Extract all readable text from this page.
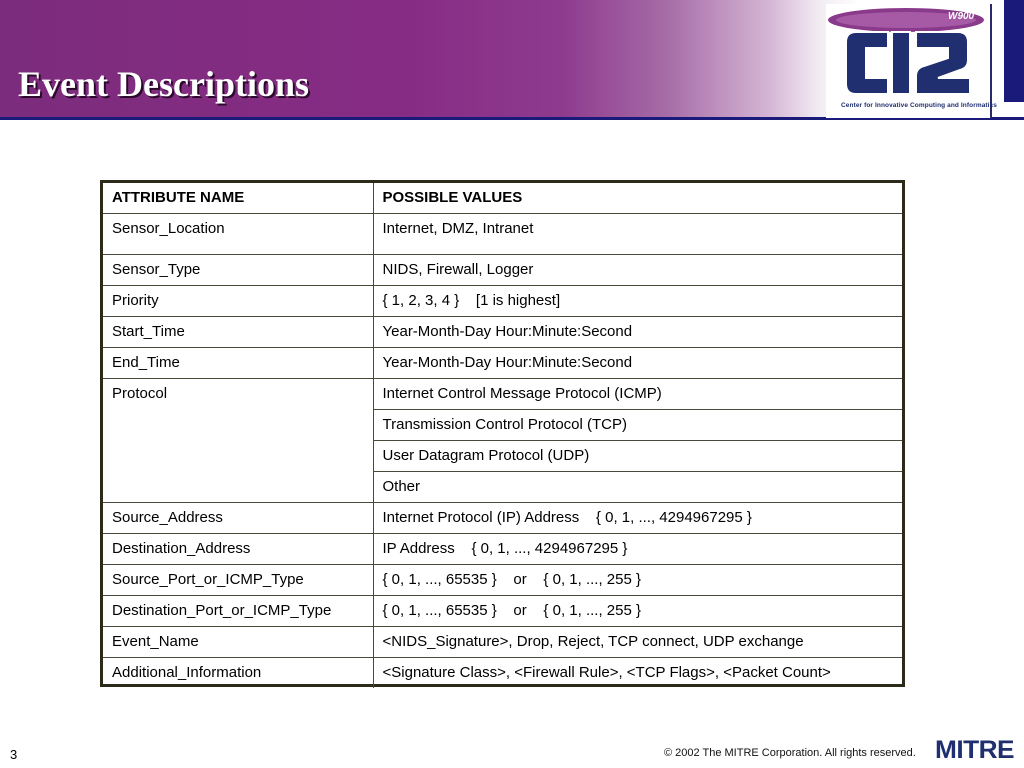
Event Descriptions
W900
Center for Innovative Computing and Informatics
ATTRIBUTE NAME	POSSIBLE VALUES
Sensor_Location	Internet, DMZ, Intranet
Sensor_Type	NIDS, Firewall, Logger
Priority	{ 1, 2, 3, 4 }    [1 is highest]
Start_Time	Year-Month-Day Hour:Minute:Second
End_Time	Year-Month-Day Hour:Minute:Second
Protocol	Internet Control Message Protocol (ICMP)
	Transmission Control Protocol (TCP)
	User Datagram Protocol (UDP)
	Other
Source_Address	Internet Protocol (IP) Address    { 0, 1, ..., 4294967295 }
Destination_Address	IP Address    { 0, 1, ..., 4294967295 }
Source_Port_or_ICMP_Type	{ 0, 1, ..., 65535 }    or    { 0, 1, ..., 255 }
Destination_Port_or_ICMP_Type	{ 0, 1, ..., 65535 }    or    { 0, 1, ..., 255 }
Event_Name	<NIDS_Signature>, Drop, Reject, TCP connect, UDP exchange
Additional_Information	<Signature Class>, <Firewall Rule>, <TCP Flags>, <Packet Count>
3	© 2002 The MITRE Corporation. All rights reserved. MITRE
